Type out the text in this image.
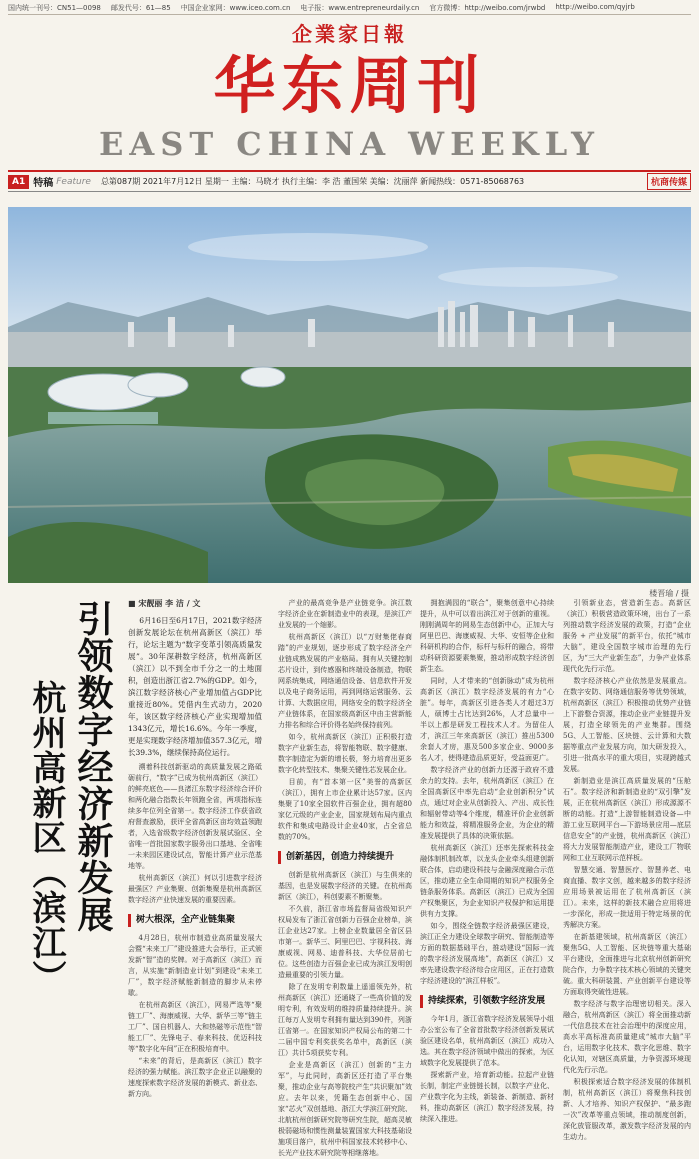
国内统一刊号：CN51—0098 邮发代号：61—85 中国企业家网：www.iceo.com.cn 电子报：www.entrepreneurdaily.cn 官方微博：http://weibo.com/jrwbd http://weibo.com/qyjrb
企業家日報
华东周刊
EAST CHINA WEEKLY
A1 特稿 Feature 总第087期 2021年7月12日 星期一 主编：马晓才 执行主编：李 浩 董国荣 美编：沈丽萍 新闻热线：0571-85068763	杭商传媒
楼晋瑜 / 摄
引领数字经济新发展
杭州高新区（滨江）
■ 宋靓丽 李 洁 / 文
6月16日至6月17日，2021数字经济创新发展论坛在杭州高新区（滨江）举行，论坛主题为“数字变革引领高质量发展”。30年深耕数字经济，杭州高新区（滨江）以不到全市千分之一的土地面积，创造出浙江省2.7%的GDP。如今，滨江数字经济核心产业增加值占GDP比重接近80%。凭借内生式动力，2020年，该区数字经济核心产业实现增加值1343亿元，增长16.6%。今年一季度，更是实现数字经济增加值357.3亿元，增长39.3%，继续保持高位运行。
溯着科技创新驱动的高质量发展之路砥砺前行，“数字”已成为杭州高新区（滨江）的鲜亮底色——良渚江东数字经济综合评价和两化融合指数长年领跑全省，两项指标连续多年位列全省第一。数字经济工作获省政府督查激励，获评全省高新区亩均效益领跑者，入选省级数字经济创新发展试验区、全省唯一首批国家数字服务出口基地、全省唯一未来园区建设试点，智能计算产业示范基地等。
杭州高新区（滨江）何以引进数字经济最强区？产业集聚、创新集聚是杭州高新区数字经济产业快速发展的重要因素。
树大根深，全产业链集聚
4月28日，杭州市制造业高质量发展大会暨“未来工厂”建设推进大会举行，正式颁发新“智”造的奖牌。对于高新区（滨江）而言，从实施“新制造业计划”到建设“未来工厂”，数字经济赋能新制造的脚步从未停歇。
在杭州高新区（滨江），网易严选等“聚链工厂”、海康威视、大华、新华三等“链主工厂”、国自机器人、大和热磁等示范性“智能工厂”、先锋电子、春来科技、优迈科技等“数字化车间”正在积极培育中。
“未来”的背后，是高新区（滨江）数字经济的强力赋能。滨江数字企业正以融聚的速度探索数字经济发展的新模式、新业态、新方向。
产业的最高竞争是产业链竞争。滨江数字经济企业在新制造业中的表现，是滨江产业发展的一个缩影。
杭州高新区（滨江）以“万财集佬春商踏”的产业规划，逐步形成了数字经济全产业链成熟发展的产业格局。拥有从关键控制芯片设计，到传感器和终端设备制造，物联网系统集成，网络通信设备、信息软件开发以及电子商务运用，再到网络运营服务、云计算、大数据应用，网络安全的数字经济全产业链体系，在国家级高新区中由主营新能力排名和综合评价得名始终保持前列。
如今，杭州高新区（滨江）正积极打造数字产业新生态，将智能物联、数字健康、数字制造定为新的增长极，努力培育出更多数字化转型技术、集聚关键性芯发展企业。
目前，有“首本第一区”美誉的高新区（滨江），拥有上市企业累计达57家。区内集聚了10家全国软件百强企业，拥有超80家亿元级的产业企业，国家规划布局内重点软件和集成电路设计企业40家，占全省总数的70%。
创新基因，创造力持续提升
创新是杭州高新区（滨江）与生俱来的基因，也是发展数字经济的关键。在杭州高新区（滨江），科创要素不断聚集。
不久前，浙江省市场监督局省级知识产权局发布了浙江省创新力百强企业榜单，滨江企业达27家。上榜企业数量居全省区县市第一。新华三、阿里巴巴、宇视科技、海康威视、网易、迪普科技、大华位居前七位。这些创造力百强企业已成为滨江发明创造最重要的引领力量。
除了在发明专利数量上遥遥领先外，杭州高新区（滨江）还通晓了一些高价值的发明专利，有效发明的维持质量持续提升。滨江每万人发明专利拥有量达到390件，列浙江省第一。在国家知识产权局公布的第二十二届中国专利奖获奖名单中，高新区（滨江）共计5项获奖专利。
企业是高新区（滨江）创新的“主力军”，与此同时，高新区还打造了平台集聚，推动企业与高等院校产生“共识聚加”效应。去年以来，凭籍生态创新中心、国家“芯火”双创基地、浙江大学滨江研究院、北航杭州创新研究院等研究生院，超高灵敏极弱磁场和惯性测量装置国家大科技基础设施项目落户，杭州中科国家技术转移中心、长光产业技术研究院等相继落地。
拥抱满园的“联合”，聚集创意中心持续提升，从中可以看出滨江对于创新的重视。刚刚满周年的网易生态创新中心，正加大与阿里巴巴、海康威视、大华、安恒等企业和科研机构的合作，标杆与标杆的融合，将带动科研资源要素集聚，推动形成数字经济创新生态。
同时，人才带来的“创新脉动”成为杭州高新区（滨江）数字经济发展的有力“心脏”。每年，高新区引进各类人才超过3万人，硕博士占比达到26%，人才总量中一半以上都是研发工程技术人才。为留住人才，滨江三年来高新区（滨江）推出5300余套人才房，惠及500多家企业、9000多名人才，使得建造品质更好，受益面更广。
数字经济产业的创新力还源于政府不遗余力的支持。去年，杭州高新区（滨江）在全国高新区中率先启动“企业创新积分”试点，通过对企业从创新投入、产出、成长性和辐射带动等4个维度，精准评价企业创新能力和效益，将精准服务企业，为企业的精准发展提供了具体的决策依据。
杭州高新区（滨江）还率先探索科技金融体制机制改革，以龙头企业牵头组建创新联合体，启动建设科技与金融深度融合示范区，推动建立全生命周期的知识产权服务全链条服务体系。高新区（滨江）已成为全国产权集聚区，为企业知识产权保护和运用提供有力支撑。
如今，围绕全链数字经济最强区建设，滨江正全力建设全球数字研究、智能制造等方面的数据基础平台，推动建设“国际一流的数字经济发展高地”，高新区（滨江）又率先建设数字经济综合应用区，正在打造数字经济建设的“滨江样板”。
持续探索，引领数字经济发展
今年1月，浙江省数字经济发展领导小组办公室公布了全省首批数字经济创新发展试验区建设名单，杭州高新区（滨江）成功入选。其在数字经济领域中做出的探索，为区域数字化发展提供了范本。
探索新产业，培育新动能。拉起产业链长制，制定产业链链长制，以数字产业化、产业数字化为主线，新装备、新制造、新材料，推动高新区（滨江）数字经济发展，持续深入推进。
引领新业态，营造新生态。高新区（滨江）积极营造政策环境，出台了一系列推动数字经济发展的政策，打造“企业服务 + 产业发展”的新平台，依托“城市大脑”，建设全国数字城市治理的先行区，为“三大产业新生态”，力争产业体系现代化先行示范。
数字经济核心产业依然是发展重点。在数字安防、网络通信服务等优势领域，杭州高新区（滨江）积极推动优势产业链上下游整合资源，推动企业产业链提升发展，打造全球领先的产业集群。围绕5G、人工智能、区块链、云计算和大数据等重点产业发展方向，加大研发投入，引进一批高水平的重大项目，实现跨越式发展。
新制造业是滨江高质量发展的“压舱石”。数字经济和新制造业的“双引擎”发展，正在杭州高新区（滨江）形成源源不断的动能。打造“上游智能制造设备—中游工业互联网平台—下游场景应用—底层信息安全”的产业链，杭州高新区（滨江）将大力发展智能制造产业，建设工厂物联网和工业互联网示范样板。
智慧交通、智慧医疗、智慧养老、电商直播、数字文创，越来越多的数字经济应用场景被运用在了杭州高新区（滨江）。未来，这样的新技术融合应用将进一步深化，形成一批适用于特定场景的优秀解决方案。
在新基建领域，杭州高新区（滨江）聚焦5G、人工智能、区块链等重大基础平台建设，全面推进与北京杭州创新研究院合作，力争数字技术核心领域的关键突破。重大科研装置、产业创新平台建设等方面取得突破性进展。
数字经济与数字治理密切相关。深入融合，杭州高新区（滨江）将全面推动新一代信息技术在社会治理中的深度应用，高水平高标准高质量建成“城市大脑”平台，运用数字化技术、数字化思维、数字化认知，对辖区高质量，力争资源环境现代化先行示范。
积极探索适合数字经济发展的体制机制，杭州高新区（滨江）将聚焦科技创新、人才培养、知识产权保护、“最多跑一次”改革等重点领域，推动制度创新，深化放管服改革，激发数字经济发展的内生动力。
